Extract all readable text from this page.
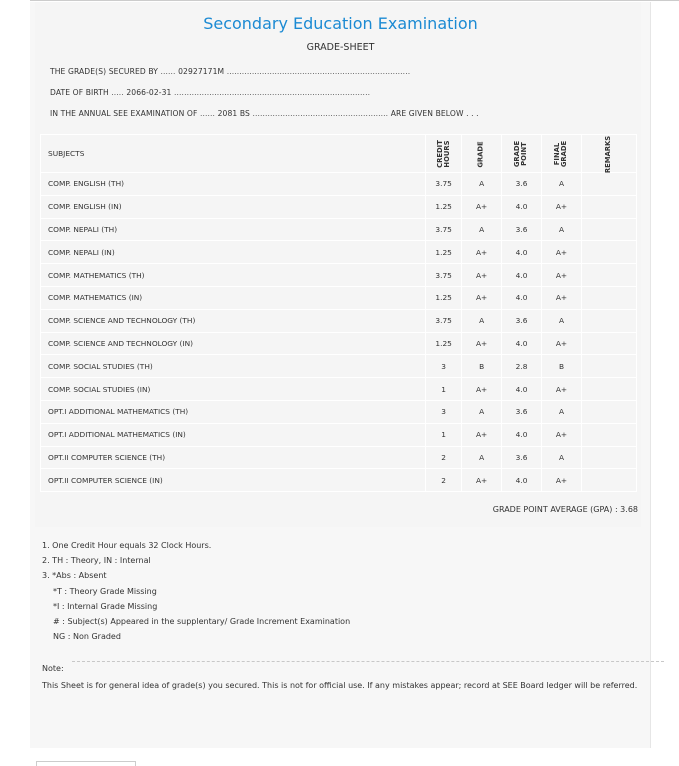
Secondary Education Examination
GRADE-SHEET
THE GRADE(S) SECURED BY ...... 02927171M .........................................................................
DATE OF BIRTH ..... 2066-02-31 ..............................................................................
IN THE ANNUAL SEE EXAMINATION OF ...... 2081 BS ...................................................... ARE GIVEN BELOW . . .
SUBJECTS	CREDIT HOURS	GRADE	GRADE POINT	FINAL GRADE	REMARKS

COMP. ENGLISH (TH)	3.75	A	3.6	A	
COMP. ENGLISH (IN)	1.25	A+	4.0	A+	
COMP. NEPALI (TH)	3.75	A	3.6	A	
COMP. NEPALI (IN)	1.25	A+	4.0	A+	
COMP. MATHEMATICS (TH)	3.75	A+	4.0	A+	
COMP. MATHEMATICS (IN)	1.25	A+	4.0	A+	
COMP. SCIENCE AND TECHNOLOGY (TH)	3.75	A	3.6	A	
COMP. SCIENCE AND TECHNOLOGY (IN)	1.25	A+	4.0	A+	
COMP. SOCIAL STUDIES (TH)	3	B	2.8	B	
COMP. SOCIAL STUDIES (IN)	1	A+	4.0	A+	
OPT.I ADDITIONAL MATHEMATICS (TH)	3	A	3.6	A	
OPT.I ADDITIONAL MATHEMATICS (IN)	1	A+	4.0	A+	
OPT.II COMPUTER SCIENCE (TH)	2	A	3.6	A	
OPT.II COMPUTER SCIENCE (IN)	2	A+	4.0	A+	
GRADE POINT AVERAGE (GPA) : 3.68
1. One Credit Hour equals 32 Clock Hours.
2. TH : Theory, IN : Internal
3. *Abs : Absent
*T : Theory Grade Missing
*I : Internal Grade Missing
# : Subject(s) Appeared in the supplentary/ Grade Increment Examination
NG : Non Graded
Note:
This Sheet is for general idea of grade(s) you secured. This is not for official use. If any mistakes appear; record at SEE Board ledger will be referred.
